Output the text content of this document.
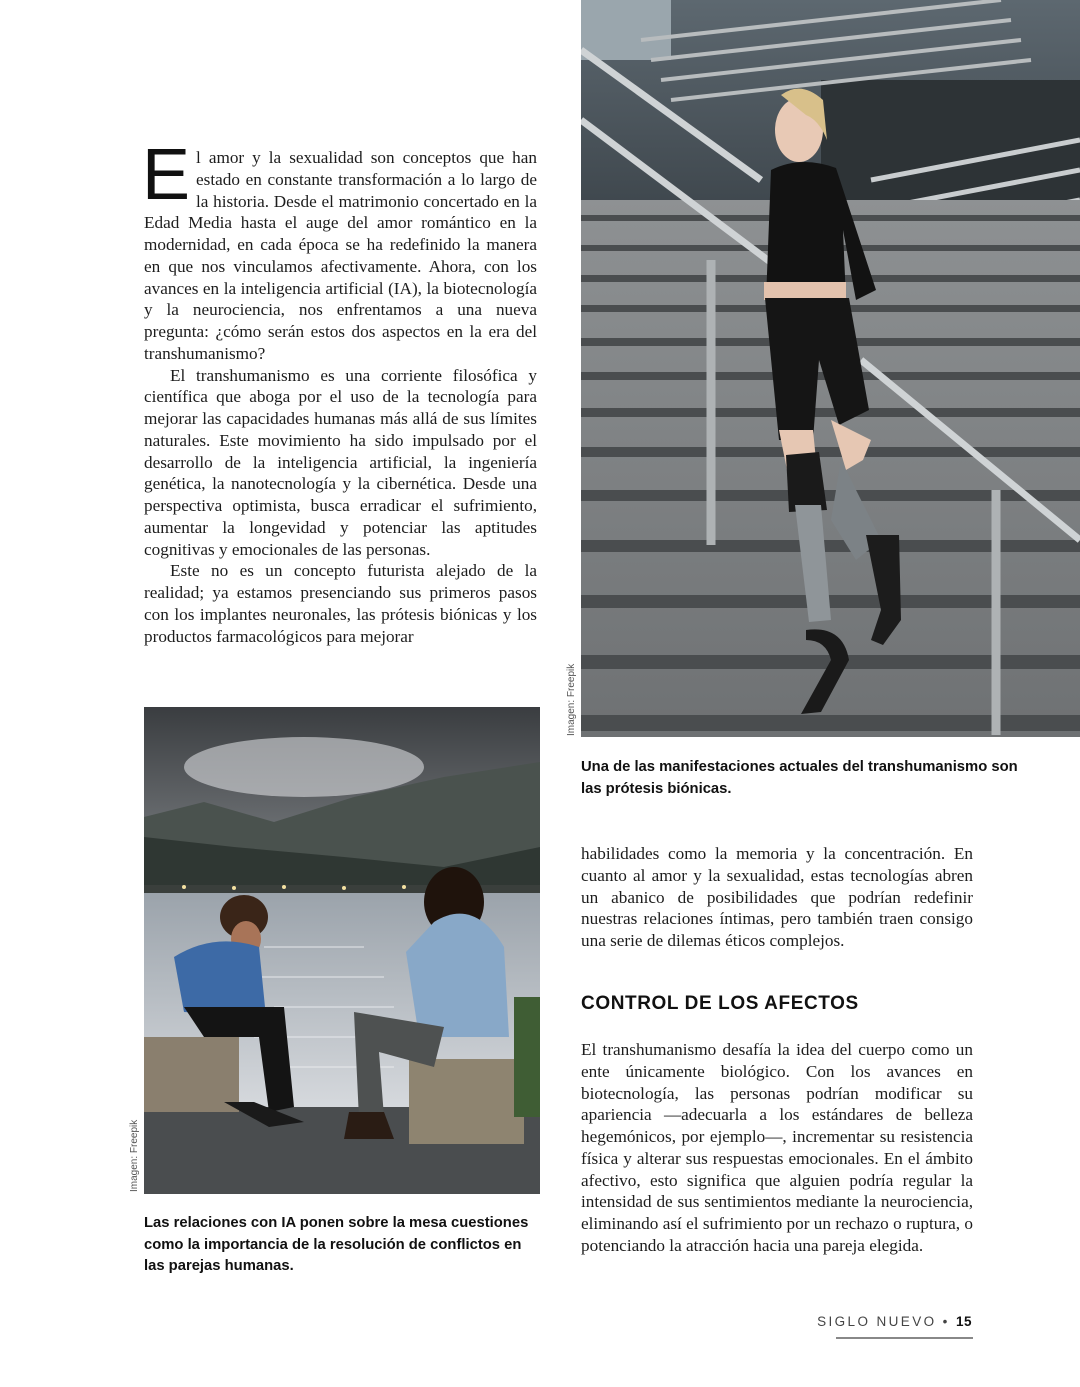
El amor y la sexualidad son conceptos que han estado en constante transformación a lo largo de la historia. Desde el matrimonio concertado en la Edad Media hasta el auge del amor romántico en la modernidad, en cada época se ha redefinido la manera en que nos vinculamos afectivamente. Ahora, con los avances en la inteligencia artificial (IA), la biotecnología y la neurociencia, nos enfrentamos a una nueva pregunta: ¿cómo serán estos dos aspectos en la era del transhumanismo?

El transhumanismo es una corriente filosófica y científica que aboga por el uso de la tecnología para mejorar las capacidades humanas más allá de sus límites naturales. Este movimiento ha sido impulsado por el desarrollo de la inteligencia artificial, la ingeniería genética, la nanotecnología y la cibernética. Desde una perspectiva optimista, busca erradicar el sufrimiento, aumentar la longevidad y potenciar las aptitudes cognitivas y emocionales de las personas.

Este no es un concepto futurista alejado de la realidad; ya estamos presenciando sus primeros pasos con los implantes neuronales, las prótesis biónicas y los productos farmacológicos para mejorar

Imagen: Freepik
Una de las manifestaciones actuales del transhumanismo son las prótesis biónicas.

habilidades como la memoria y la concentración. En cuanto al amor y la sexualidad, estas tecnologías abren un abanico de posibilidades que podrían redefinir nuestras relaciones íntimas, pero también traen consigo una serie de dilemas éticos complejos.

CONTROL DE LOS AFECTOS

El transhumanismo desafía la idea del cuerpo como un ente únicamente biológico. Con los avances en biotecnología, las personas podrían modificar su apariencia —adecuarla a los estándares de belleza hegemónicos, por ejemplo—, incrementar su resistencia física y alterar sus respuestas emocionales. En el ámbito afectivo, esto significa que alguien podría regular la intensidad de sus sentimientos mediante la neurociencia, eliminando así el sufrimiento por un rechazo o ruptura, o potenciando la atracción hacia una pareja elegida.

Imagen: Freepik
Las relaciones con IA ponen sobre la mesa cuestiones como la importancia de la resolución de conflictos en las parejas humanas.
SIGLO NUEVO • 15
